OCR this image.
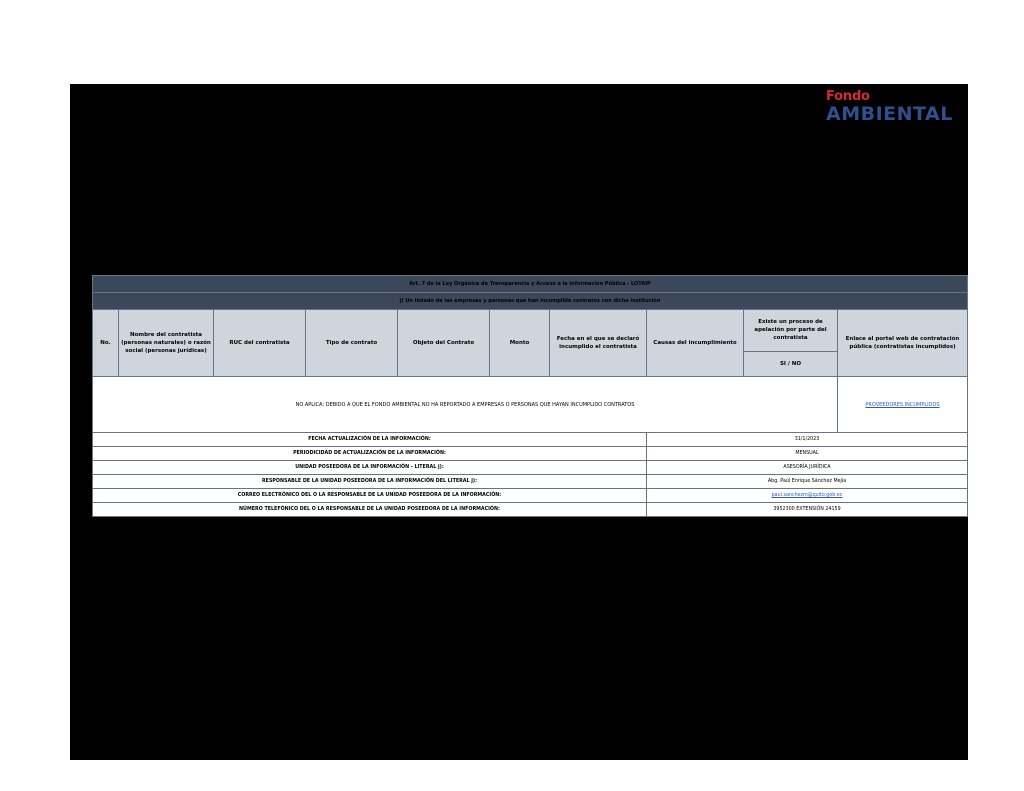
Fondo
AMBIENTAL
Art. 7 de la Ley Orgánica de Transparencia y Acceso a la Información Pública - LOTAIP									
j) Un listado de las empresas y personas que han incumplido contratos con dicha institución									
No.	Nombre del contratista (personas naturales) o razón social (personas jurídicas)	RUC del contratista	Tipo de contrato	Objeto del Contrato	Monto	Fecha en el que se declaró incumplido el contratista	Causas del incumplimiento	Existe un proceso de apelación por parte del contratista	Enlace al portal web de contratación pública (contratistas incumplidos)
								SI / NO	
NO APLICA; DEBIDO A QUE EL FONDO AMBIENTAL NO HA REPORTADO A EMPRESAS O PERSONAS QUE HAYAN INCUMPLIDO CONTRATOS									PROVEEDORES INCUMPLIDOS
FECHA ACTUALIZACIÓN DE LA INFORMACIÓN:							31/1/2023		
PERIODICIDAD DE ACTUALIZACIÓN DE LA INFORMACIÓN:							MENSUAL		
UNIDAD POSEEDORA DE LA INFORMACIÓN - LITERAL j):							ASESORÍA JURÍDICA		
RESPONSABLE DE LA UNIDAD POSEEDORA DE LA INFORMACIÓN DEL LITERAL j):							Abg. Paúl Enrique Sánchez Mejía		
CORREO ELECTRÓNICO DEL O LA RESPONSABLE DE LA UNIDAD POSEEDORA DE LA INFORMACIÓN:							paul.sanchezm@quito.gob.ec		
NÚMERO TELEFÓNICO DEL O LA RESPONSABLE DE LA UNIDAD POSEEDORA DE LA INFORMACIÓN:							3952300 EXTENSIÓN 24159		
